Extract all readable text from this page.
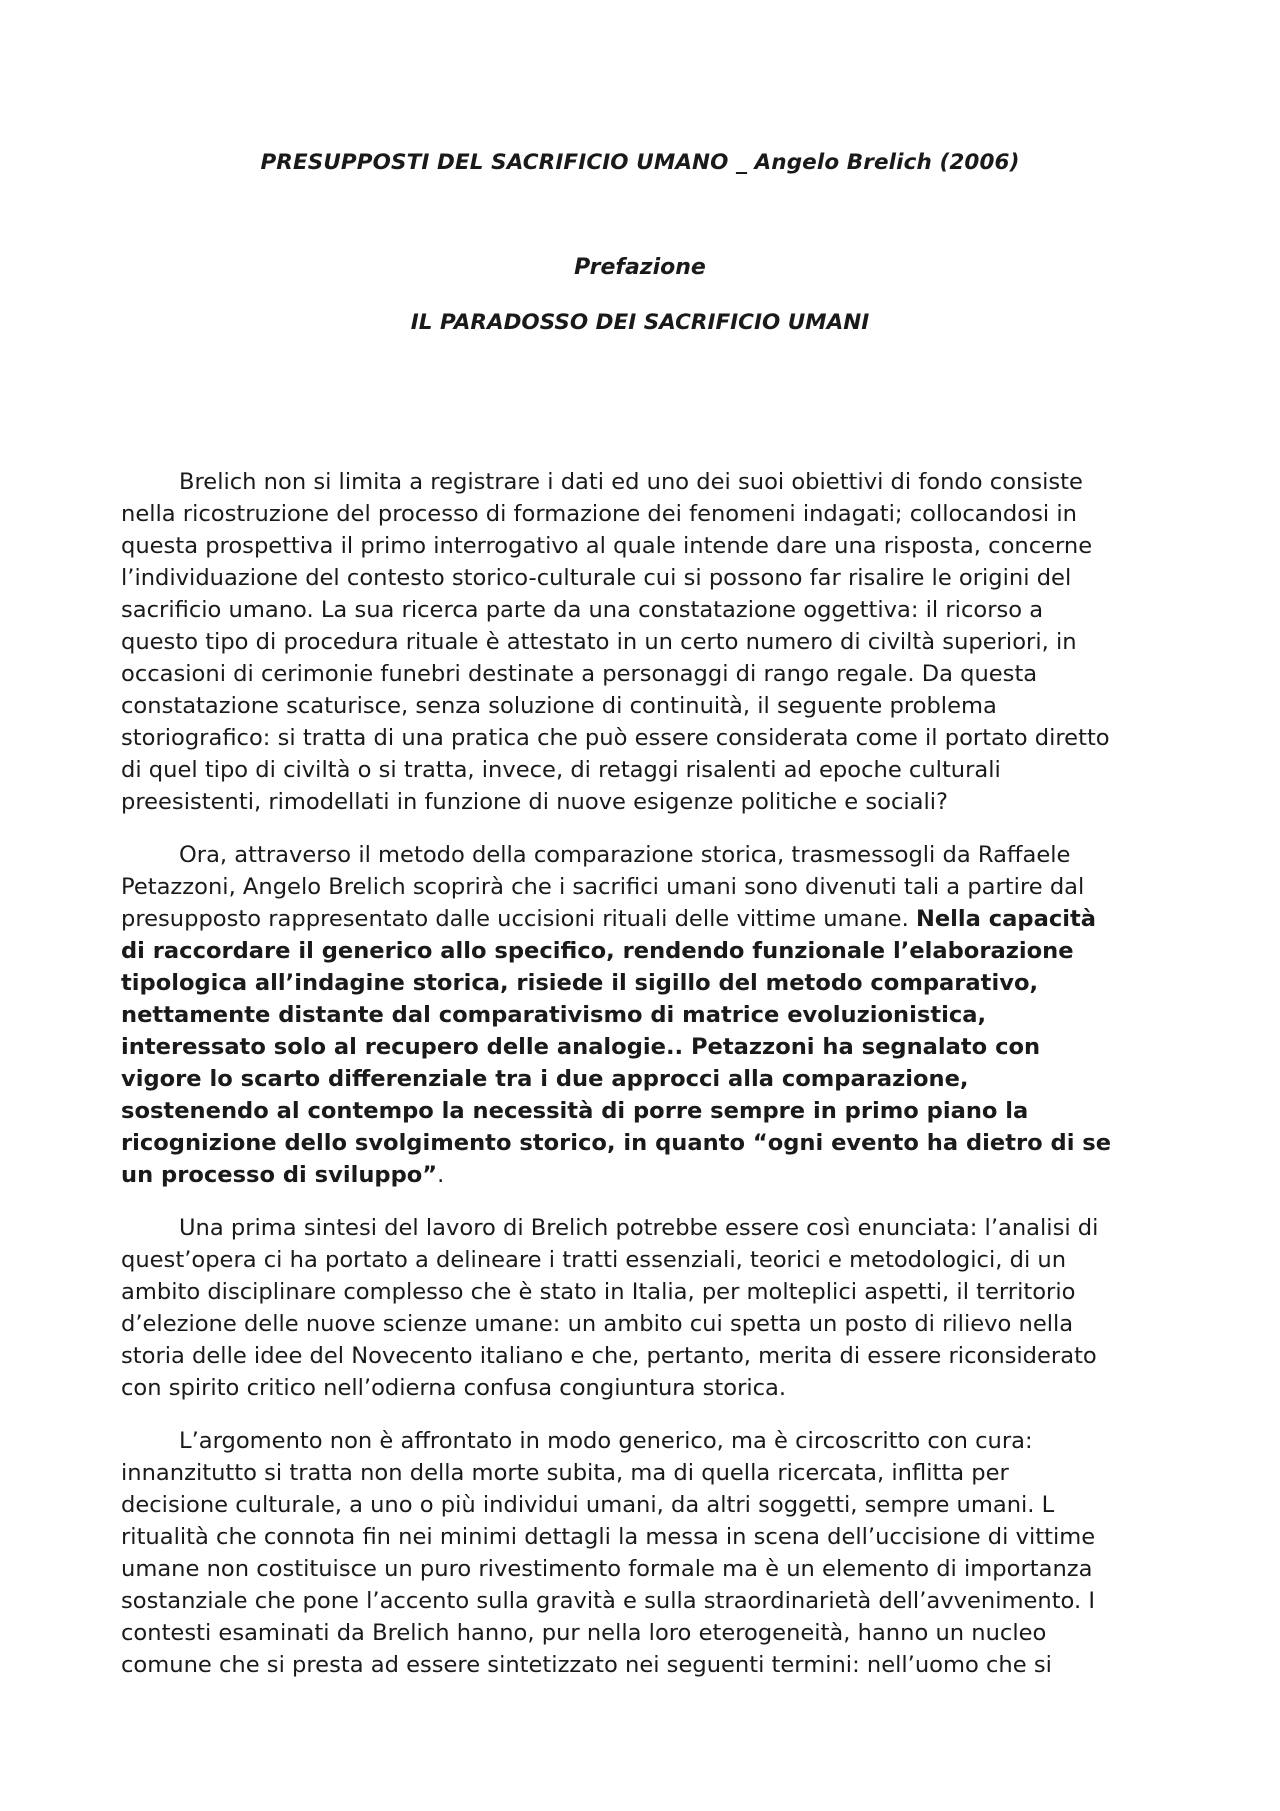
PRESUPPOSTI DEL SACRIFICIO UMANO _ Angelo Brelich (2006)
Prefazione
IL PARADOSSO DEI SACRIFICIO UMANI
Brelich non si limita a registrare i dati ed uno dei suoi obiettivi di fondo consiste
nella ricostruzione del processo di formazione dei fenomeni indagati; collocandosi in
questa prospettiva il primo interrogativo al quale intende dare una risposta, concerne
l’individuazione del contesto storico-culturale cui si possono far risalire le origini del
sacrificio umano. La sua ricerca parte da una constatazione oggettiva: il ricorso a
questo tipo di procedura rituale è attestato in un certo numero di civiltà superiori, in
occasioni di cerimonie funebri destinate a personaggi di rango regale. Da questa
constatazione scaturisce, senza soluzione di continuità, il seguente problema
storiografico: si tratta di una pratica che può essere considerata come il portato diretto
di quel tipo di civiltà o si tratta, invece, di retaggi risalenti ad epoche culturali
preesistenti, rimodellati in funzione di nuove esigenze politiche e sociali?
Ora, attraverso il metodo della comparazione storica, trasmessogli da Raffaele
Petazzoni, Angelo Brelich scoprirà che i sacrifici umani sono divenuti tali a partire dal
presupposto rappresentato dalle uccisioni rituali delle vittime umane. Nella capacità
di raccordare il generico allo specifico, rendendo funzionale l’elaborazione
tipologica all’indagine storica, risiede il sigillo del metodo comparativo,
nettamente distante dal comparativismo di matrice evoluzionistica,
interessato solo al recupero delle analogie.. Petazzoni ha segnalato con
vigore lo scarto differenziale tra i due approcci alla comparazione,
sostenendo al contempo la necessità di porre sempre in primo piano la
ricognizione dello svolgimento storico, in quanto “ogni evento ha dietro di se
un processo di sviluppo”.
Una prima sintesi del lavoro di Brelich potrebbe essere così enunciata: l’analisi di
quest’opera ci ha portato a delineare i tratti essenziali, teorici e metodologici, di un
ambito disciplinare complesso che è stato in Italia, per molteplici aspetti, il territorio
d’elezione delle nuove scienze umane: un ambito cui spetta un posto di rilievo nella
storia delle idee del Novecento italiano e che, pertanto, merita di essere riconsiderato
con spirito critico nell’odierna confusa congiuntura storica.
L’argomento non è affrontato in modo generico, ma è circoscritto con cura:
innanzitutto si tratta non della morte subita, ma di quella ricercata, inflitta per
decisione culturale, a uno o più individui umani, da altri soggetti, sempre umani. L
ritualità che connota fin nei minimi dettagli la messa in scena dell’uccisione di vittime
umane non costituisce un puro rivestimento formale ma è un elemento di importanza
sostanziale che pone l’accento sulla gravità e sulla straordinarietà dell’avvenimento. I
contesti esaminati da Brelich hanno, pur nella loro eterogeneità, hanno un nucleo
comune che si presta ad essere sintetizzato nei seguenti termini: nell’uomo che si
